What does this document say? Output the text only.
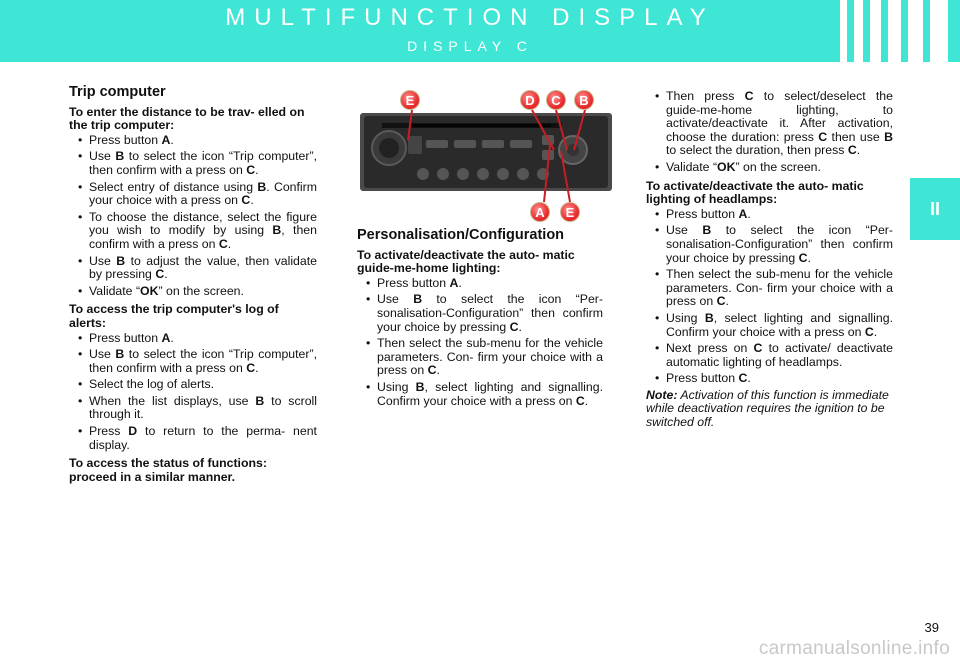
MULTIFUNCTION DISPLAY
DISPLAY C
II
Trip computer

To enter the distance to be trav- elled on the trip computer:

• Press button A.
• Use B to select the icon “Trip computer”, then confirm with a press on C.
• Select entry of distance using B. Confirm your choice with a press on C.
• To choose the distance, select the figure you wish to modify by using B, then confirm with a press on C.
• Use B to adjust the value, then validate by pressing C.
• Validate “OK” on the screen.

To access the trip computer's log of alerts:

• Press button A.
• Use B to select the icon “Trip computer”, then confirm with a press on C.
• Select the log of alerts.
• When the list displays, use B to scroll through it.
• Press D to return to the perma- nent display.

To access the status of functions: proceed in a similar manner.

E	D	C	B
A	E
Personalisation/Configuration

To activate/deactivate the auto- matic guide-me-home lighting:

• Press button A.
• Use B to select the icon “Per- sonalisation-Configuration” then confirm your choice by pressing C.
• Then select the sub-menu for the vehicle parameters. Con- firm your choice with a press on C.
• Using B, select lighting and signalling. Confirm your choice with a press on C.
• Then press C to select/deselect the guide-me-home lighting, to activate/deactivate it. After activation, choose the duration: press C then use B to select the duration, then press C.
• Validate “OK” on the screen.

To activate/deactivate the auto- matic lighting of headlamps:

• Press button A.
• Use B to select the icon “Per- sonalisation-Configuration” then confirm your choice by pressing C.
• Then select the sub-menu for the vehicle parameters. Con- firm your choice with a press on C.
• Using B, select lighting and signalling. Confirm your choice with a press on C.
• Next press on C to activate/ deactivate automatic lighting of headlamps.
• Press button C.

Note: Activation of this function is immediate while deactivation requires the ignition to be switched off.

39
carmanualsonline.info
